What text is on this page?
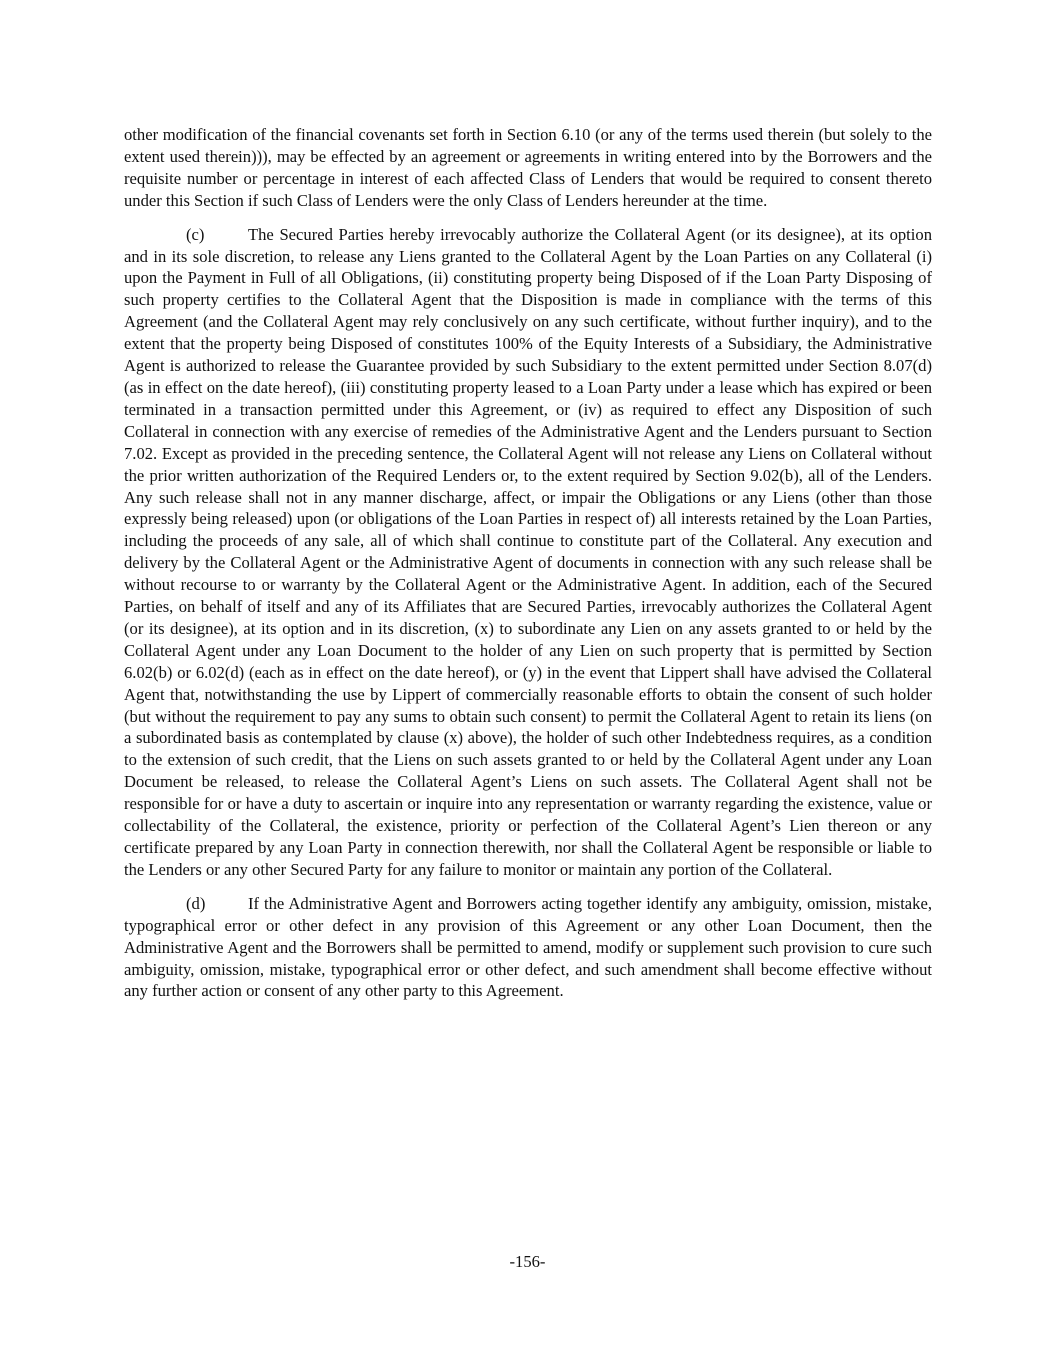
other modification of the financial covenants set forth in Section 6.10 (or any of the terms used therein (but solely to the extent used therein))), may be effected by an agreement or agreements in writing entered into by the Borrowers and the requisite number or percentage in interest of each affected Class of Lenders that would be required to consent thereto under this Section if such Class of Lenders were the only Class of Lenders hereunder at the time.

(c)	The Secured Parties hereby irrevocably authorize the Collateral Agent (or its designee), at its option and in its sole discretion, to release any Liens granted to the Collateral Agent by the Loan Parties on any Collateral (i) upon the Payment in Full of all Obligations, (ii) constituting property being Disposed of if the Loan Party Disposing of such property certifies to the Collateral Agent that the Disposition is made in compliance with the terms of this Agreement (and the Collateral Agent may rely conclusively on any such certificate, without further inquiry), and to the extent that the property being Disposed of constitutes 100% of the Equity Interests of a Subsidiary, the Administrative Agent is authorized to release the Guarantee provided by such Subsidiary to the extent permitted under Section 8.07(d) (as in effect on the date hereof), (iii) constituting property leased to a Loan Party under a lease which has expired or been terminated in a transaction permitted under this Agreement, or (iv) as required to effect any Disposition of such Collateral in connection with any exercise of remedies of the Administrative Agent and the Lenders pursuant to Section 7.02. Except as provided in the preceding sentence, the Collateral Agent will not release any Liens on Collateral without the prior written authorization of the Required Lenders or, to the extent required by Section 9.02(b), all of the Lenders. Any such release shall not in any manner discharge, affect, or impair the Obligations or any Liens (other than those expressly being released) upon (or obligations of the Loan Parties in respect of) all interests retained by the Loan Parties, including the proceeds of any sale, all of which shall continue to constitute part of the Collateral. Any execution and delivery by the Collateral Agent or the Administrative Agent of documents in connection with any such release shall be without recourse to or warranty by the Collateral Agent or the Administrative Agent. In addition, each of the Secured Parties, on behalf of itself and any of its Affiliates that are Secured Parties, irrevocably authorizes the Collateral Agent (or its designee), at its option and in its discretion, (x) to subordinate any Lien on any assets granted to or held by the Collateral Agent under any Loan Document to the holder of any Lien on such property that is permitted by Section 6.02(b) or 6.02(d) (each as in effect on the date hereof), or (y) in the event that Lippert shall have advised the Collateral Agent that, notwithstanding the use by Lippert of commercially reasonable efforts to obtain the consent of such holder (but without the requirement to pay any sums to obtain such consent) to permit the Collateral Agent to retain its liens (on a subordinated basis as contemplated by clause (x) above), the holder of such other Indebtedness requires, as a condition to the extension of such credit, that the Liens on such assets granted to or held by the Collateral Agent under any Loan Document be released, to release the Collateral Agent’s Liens on such assets. The Collateral Agent shall not be responsible for or have a duty to ascertain or inquire into any representation or warranty regarding the existence, value or collectability of the Collateral, the existence, priority or perfection of the Collateral Agent’s Lien thereon or any certificate prepared by any Loan Party in connection therewith, nor shall the Collateral Agent be responsible or liable to the Lenders or any other Secured Party for any failure to monitor or maintain any portion of the Collateral.

(d)	If the Administrative Agent and Borrowers acting together identify any ambiguity, omission, mistake, typographical error or other defect in any provision of this Agreement or any other Loan Document, then the Administrative Agent and the Borrowers shall be permitted to amend, modify or supplement such provision to cure such ambiguity, omission, mistake, typographical error or other defect, and such amendment shall become effective without any further action or consent of any other party to this Agreement.

-156-
